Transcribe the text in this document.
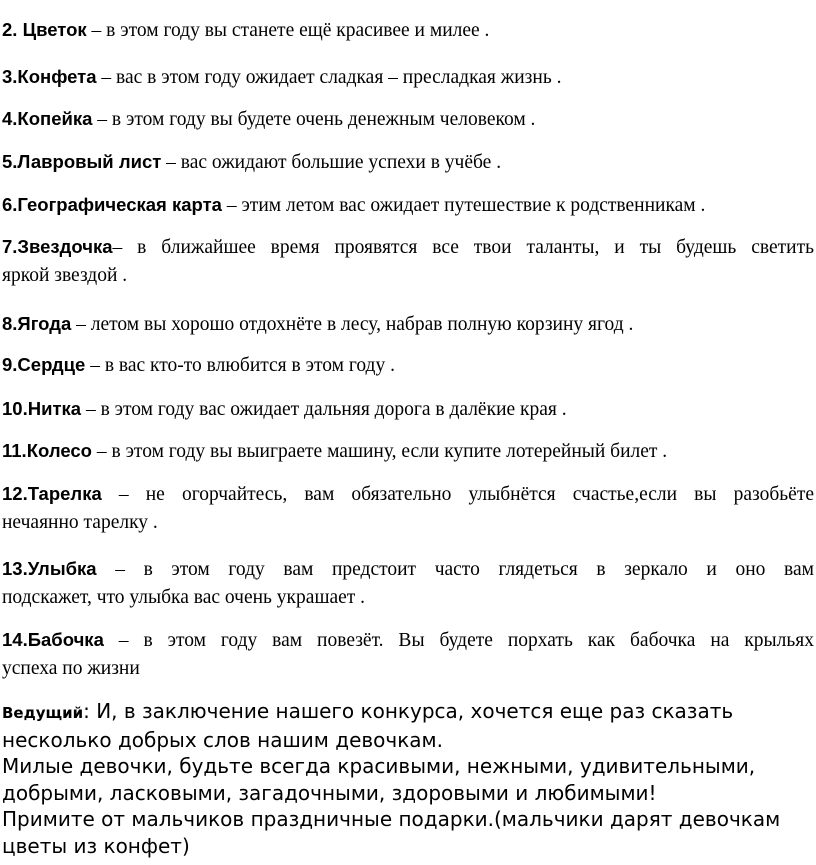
2. Цветок – в этом году вы станете ещё красивее и милее .
3.Конфета – вас в этом году ожидает сладкая – пресладкая жизнь .
4.Копейка – в этом году вы будете очень денежным человеком .
5.Лавровый лист – вас ожидают большие успехи в учёбе .
6.Географическая карта – этим летом вас ожидает путешествие к родственникам .
7.Звездочка– в ближайшее время проявятся все твои таланты, и ты будешь светить
яркой звездой .
8.Ягода – летом вы хорошо отдохнёте в лесу, набрав полную корзину ягод .
9.Сердце – в вас кто-то влюбится в этом году .
10.Нитка – в этом году вас ожидает дальняя дорога в далёкие края .
11.Колесо – в этом году вы выиграете машину, если купите лотерейный билет .
12.Тарелка – не огорчайтесь, вам обязательно улыбнётся счастье,если вы разобьёте
нечаянно тарелку .
13.Улыбка – в этом году вам предстоит часто глядеться в зеркало и оно вам
подскажет, что улыбка вас очень украшает .
14.Бабочка – в этом году вам повезёт. Вы будете порхать как бабочка на крыльях
успеха по жизни
Ведущий: И, в заключение нашего конкурса, хочется еще раз сказать
несколько добрых слов нашим девочкам.
Милые девочки, будьте всегда красивыми, нежными, удивительными,
добрыми, ласковыми, загадочными, здоровыми и любимыми!
Примите от мальчиков праздничные подарки.(мальчики дарят девочкам
цветы из конфет)
